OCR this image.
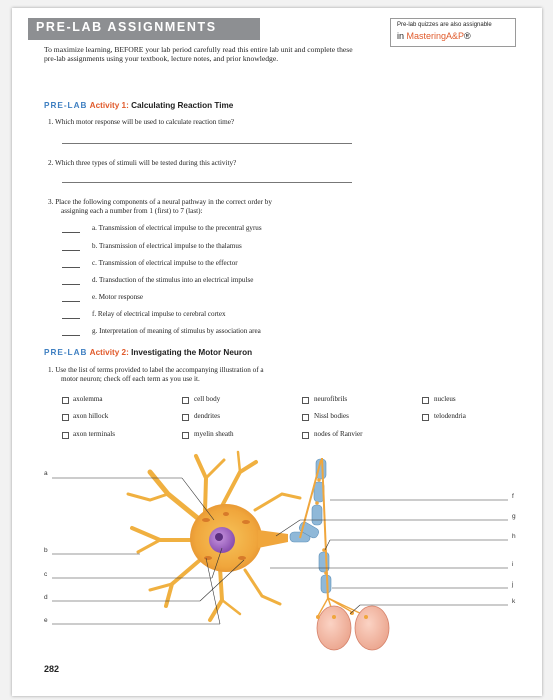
PRE-LAB ASSIGNMENTS	Pre-lab quizzes are also assignable
in MasteringA&P®
To maximize learning, BEFORE your lab period carefully read this entire lab unit and complete these pre-lab assignments using your textbook, lecture notes, and prior knowledge.
PRE-LAB Activity 1: Calculating Reaction Time
1. Which motor response will be used to calculate reaction time?
2. Which three types of stimuli will be tested during this activity?
3. Place the following components of a neural pathway in the correct order by
assigning each a number from 1 (first) to 7 (last):
a. Transmission of electrical impulse to the precentral gyrus
b. Transmission of electrical impulse to the thalamus
c. Transmission of electrical impulse to the effector
d. Transduction of the stimulus into an electrical impulse
e. Motor response
f. Relay of electrical impulse to cerebral cortex
g. Interpretation of meaning of stimulus by association area
PRE-LAB Activity 2: Investigating the Motor Neuron
1. Use the list of terms provided to label the accompanying illustration of a
motor neuron; check off each term as you use it.
axolemma
axon hillock
axon terminals
cell body
dendrites
myelin sheath
neurofibrils
Nissl bodies
nodes of Ranvier
nucleus
telodendria
a
b
c
d
e
f
g
h
i
j
k
282
